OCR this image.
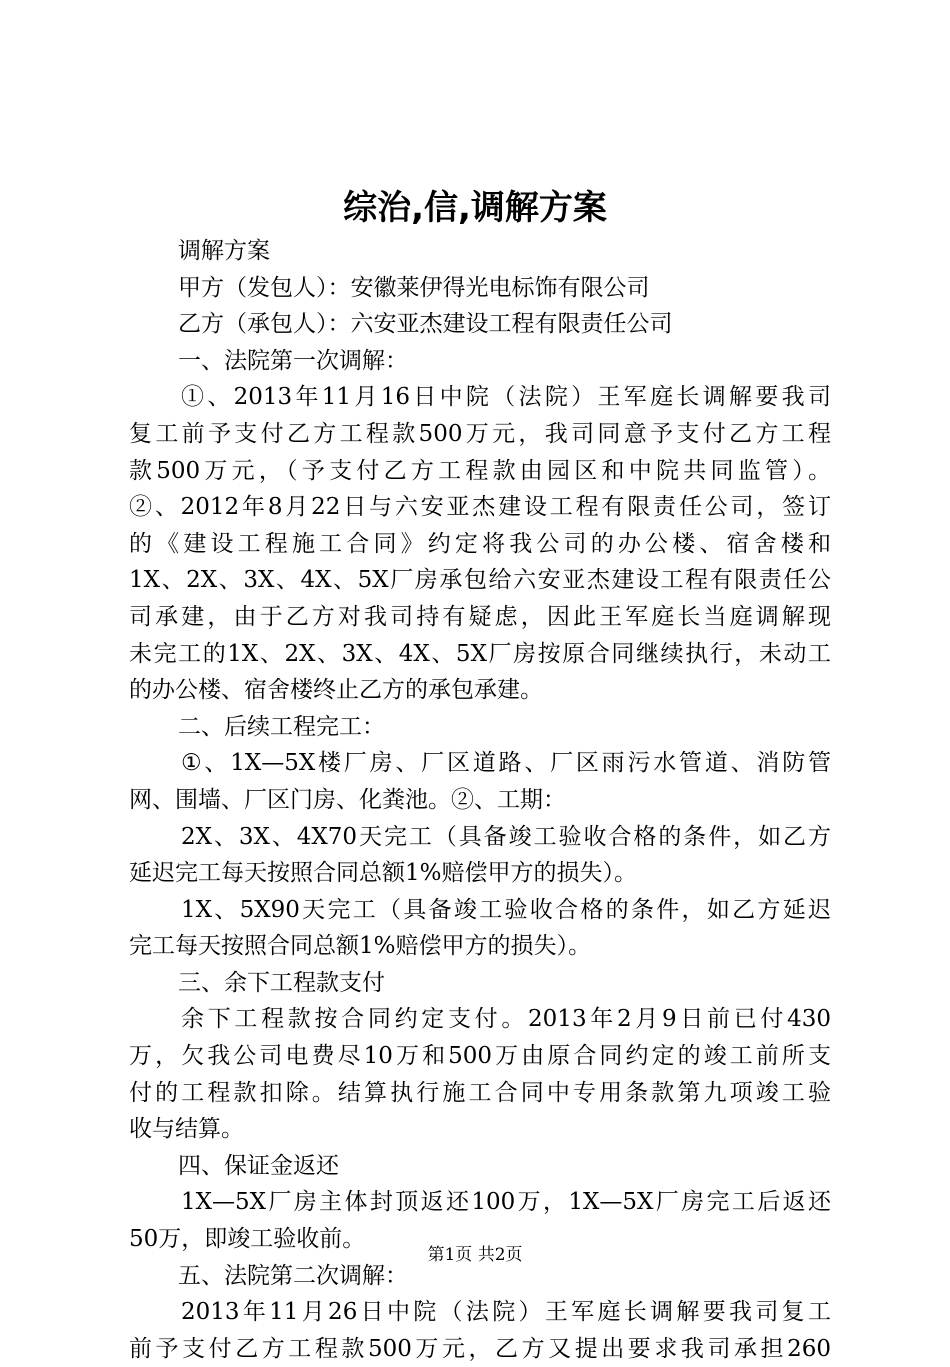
综治,信,调解方案
调解方案
甲方（发包人）：安徽莱伊得光电标饰有限公司
乙方（承包人）：六安亚杰建设工程有限责任公司
一、法院第一次调解：
①、2013年11月16日中院（法院）王军庭长调解要我司
复工前予支付乙方工程款500万元，我司同意予支付乙方工程
款500万元，（予支付乙方工程款由园区和中院共同监管）。
②、2012年8月22日与六安亚杰建设工程有限责任公司，签订
的《建设工程施工合同》约定将我公司的办公楼、宿舍楼和
1X、2X、3X、4X、5X厂房承包给六安亚杰建设工程有限责任公
司承建，由于乙方对我司持有疑虑，因此王军庭长当庭调解现
未完工的1X、2X、3X、4X、5X厂房按原合同继续执行，未动工
的办公楼、宿舍楼终止乙方的承包承建。
二、后续工程完工：
①、1X—5X楼厂房、厂区道路、厂区雨污水管道、消防管
网、围墙、厂区门房、化粪池。②、工期：
2X、3X、4X70天完工（具备竣工验收合格的条件，如乙方
延迟完工每天按照合同总额1%赔偿甲方的损失）。
1X、5X90天完工（具备竣工验收合格的条件，如乙方延迟
完工每天按照合同总额1%赔偿甲方的损失）。
三、余下工程款支付
余下工程款按合同约定支付。2013年2月9日前已付430
万，欠我公司电费尽10万和500万由原合同约定的竣工前所支
付的工程款扣除。结算执行施工合同中专用条款第九项竣工验
收与结算。
四、保证金返还
1X—5X厂房主体封顶返还100万，1X—5X厂房完工后返还
50万，即竣工验收前。
五、法院第二次调解：
2013年11月26日中院（法院）王军庭长调解要我司复工
前予支付乙方工程款500万元，乙方又提出要求我司承担260
第1页 共2页
